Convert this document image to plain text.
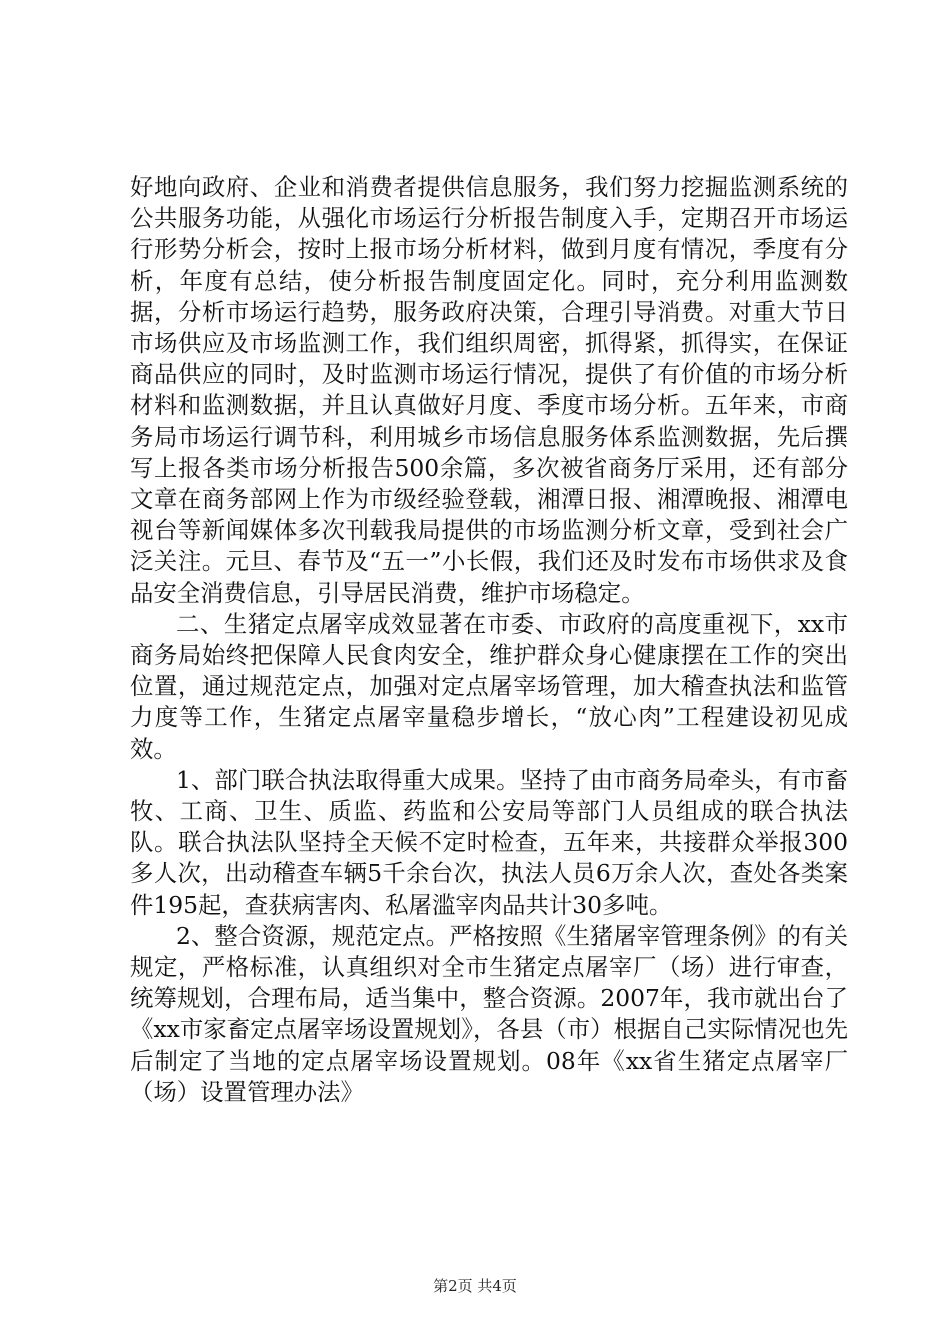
好地向政府、企业和消费者提供信息服务，我们努力挖掘监测系统的公共服务功能，从强化市场运行分析报告制度入手，定期召开市场运行形势分析会，按时上报市场分析材料，做到月度有情况，季度有分析，年度有总结，使分析报告制度固定化。同时，充分利用监测数据，分析市场运行趋势，服务政府决策，合理引导消费。对重大节日市场供应及市场监测工作，我们组织周密，抓得紧，抓得实，在保证商品供应的同时，及时监测市场运行情况，提供了有价值的市场分析材料和监测数据，并且认真做好月度、季度市场分析。五年来，市商务局市场运行调节科，利用城乡市场信息服务体系监测数据，先后撰写上报各类市场分析报告500余篇，多次被省商务厅采用，还有部分文章在商务部网上作为市级经验登载，湘潭日报、湘潭晚报、湘潭电视台等新闻媒体多次刊载我局提供的市场监测分析文章，受到社会广泛关注。元旦、春节及“五一”小长假，我们还及时发布市场供求及食品安全消费信息，引导居民消费，维护市场稳定。

二、生猪定点屠宰成效显著在市委、市政府的高度重视下，xx市商务局始终把保障人民食肉安全，维护群众身心健康摆在工作的突出位置，通过规范定点，加强对定点屠宰场管理，加大稽查执法和监管力度等工作，生猪定点屠宰量稳步增长，“放心肉”工程建设初见成效。

1、部门联合执法取得重大成果。坚持了由市商务局牵头，有市畜牧、工商、卫生、质监、药监和公安局等部门人员组成的联合执法队。联合执法队坚持全天候不定时检查，五年来，共接群众举报300多人次，出动稽查车辆5千余台次，执法人员6万余人次，查处各类案件195起，查获病害肉、私屠滥宰肉品共计30多吨。

2、整合资源，规范定点。严格按照《生猪屠宰管理条例》的有关规定，严格标准，认真组织对全市生猪定点屠宰厂（场）进行审查，统筹规划，合理布局，适当集中，整合资源。2007年，我市就出台了《xx市家畜定点屠宰场设置规划》，各县（市）根据自己实际情况也先后制定了当地的定点屠宰场设置规划。08年《xx省生猪定点屠宰厂（场）设置管理办法》

第2页 共4页
